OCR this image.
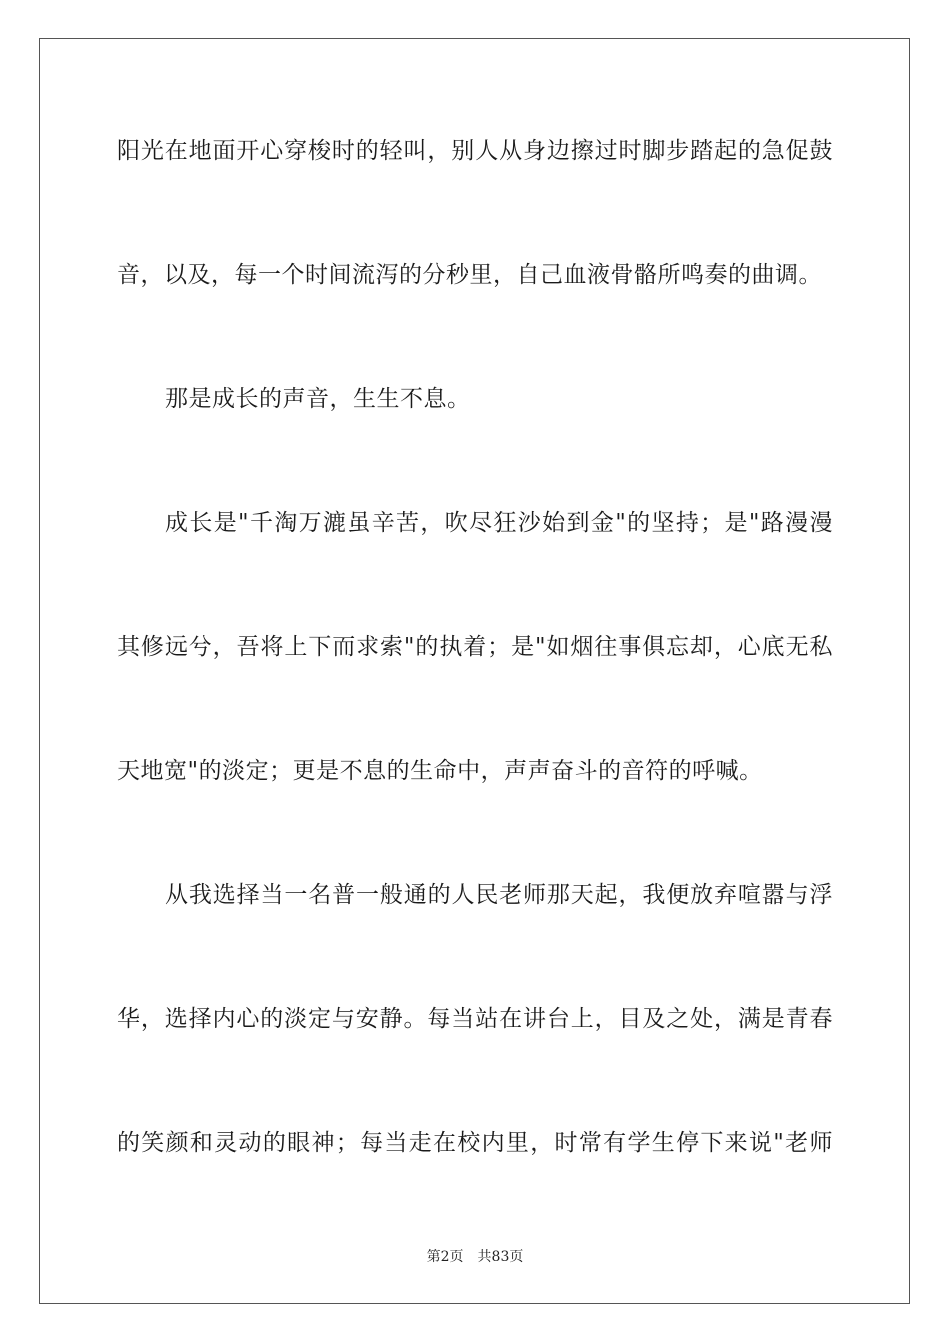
阳光在地面开心穿梭时的轻叫，别人从身边擦过时脚步踏起的急促鼓

音，以及，每一个时间流泻的分秒里，自己血液骨骼所鸣奏的曲调。

那是成长的声音，生生不息。

成长是"千淘万漉虽辛苦，吹尽狂沙始到金"的坚持；是"路漫漫

其修远兮，吾将上下而求索"的执着；是"如烟往事俱忘却，心底无私

天地宽"的淡定；更是不息的生命中，声声奋斗的音符的呼喊。

从我选择当一名普一般通的人民老师那天起，我便放弃喧嚣与浮

华，选择内心的淡定与安静。每当站在讲台上，目及之处，满是青春

的笑颜和灵动的眼神；每当走在校内里，时常有学生停下来说"老师

第2页 共83页
